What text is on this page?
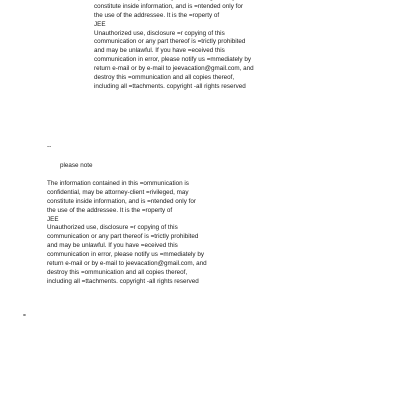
constitute inside information, and is =ntended only for
the use of the addressee. It is the =roperty of
JEE
Unauthorized use, disclosure =r copying of this
communication or any part thereof is =trictly prohibited
and may be unlawful. If you have =eceived this
communication in error, please notify us =mmediately by
return e-mail or by e-mail to jeevacation@gmail.com, and
destroy this =ommunication and all copies thereof,
including all =ttachments. copyright -all rights reserved
--
please note
The information contained in this =ommunication is
confidential, may be attorney-client =rivileged, may
constitute inside information, and is =ntended only for
the use of the addressee. It is the =roperty of
JEE
Unauthorized use, disclosure =r copying of this
communication or any part thereof is =trictly prohibited
and may be unlawful. If you have =eceived this
communication in error, please notify us =mmediately by
return e-mail or by e-mail to jeevacation@gmail.com, and
destroy this =ommunication and all copies thereof,
including all =ttachments. copyright -all rights reserved
=
